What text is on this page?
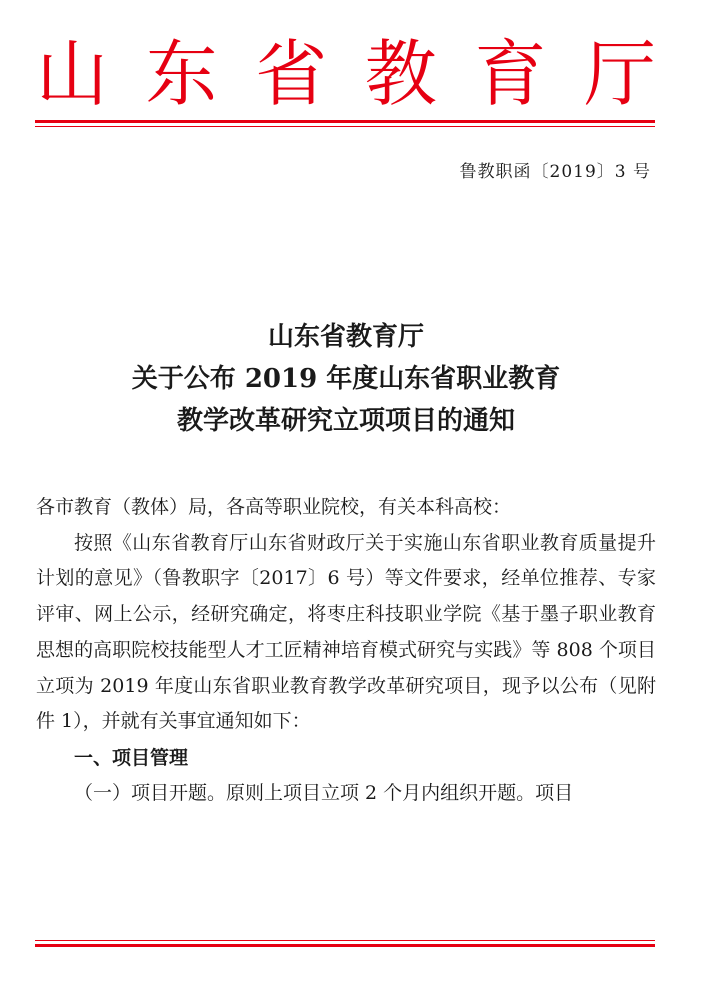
山 东 省 教 育 厅
鲁教职函〔2019〕3 号
山东省教育厅
关于公布 2019 年度山东省职业教育
教学改革研究立项项目的通知

各市教育（教体）局，各高等职业院校，有关本科高校：

按照《山东省教育厅山东省财政厅关于实施山东省职业教育质量提升计划的意见》（鲁教职字〔2017〕6 号）等文件要求，经单位推荐、专家评审、网上公示，经研究确定，将枣庄科技职业学院《基于墨子职业教育思想的高职院校技能型人才工匠精神培育模式研究与实践》等 808 个项目立项为 2019 年度山东省职业教育教学改革研究项目，现予以公布（见附件 1），并就有关事宜通知如下：

一、项目管理

（一）项目开题。原则上项目立项 2 个月内组织开题。项目
